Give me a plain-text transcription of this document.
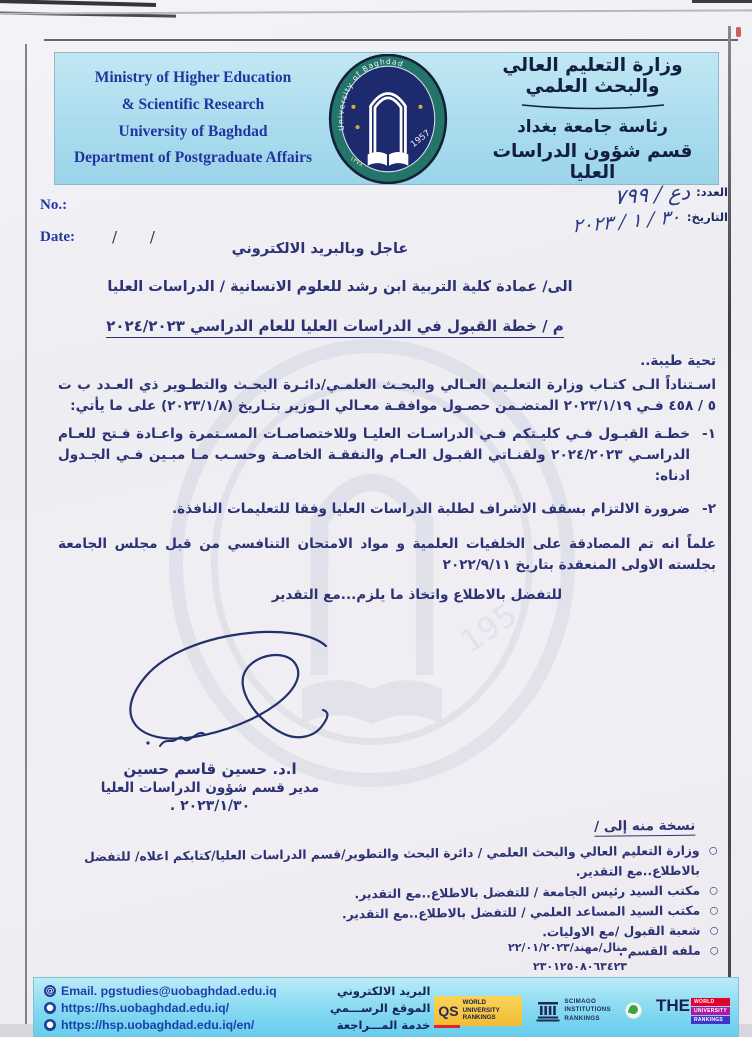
1957
Ministry of Higher Education
& Scientific Research
University of Baghdad
Department of Postgraduate Affairs
University of Baghdad
1957
١٣٧٨
وزارة التعليم العالي والبحث العلمي
رئاسة جامعة بغداد
قسم شؤون الدراسات العليا
No.:
Date: / /
العدد:
دع / ٧٩٩
التاريخ:
٣٠ / ١ / ٢٠٢٣
عاجل وبالبريد الالكتروني
الى/ عمادة كلية التربية ابن رشد للعلوم الانسانية / الدراسات العليا
م / خطة القبول في الدراسات العليا للعام الدراسي ٢٠٢٤/٢٠٢٣
تحية طيبة..
اسـتناداً الـى كتـاب وزارة التعلـيم العـالي والبحـث العلمـي/دائـرة البحـث والتطـوير ذي العـدد ب ت ٥ / ٤٥٨ فـي ٢٠٢٣/١/١٩ المتضـمن حصـول موافقـة معـالي الـوزير بتـاريخ (٢٠٢٣/١/٨) على ما يأتي:
١-
خطـة القبـول فـي كليـتكم فـي الدراسـات العليـا وللاختصاصـات المسـتمرة واعـادة فـتح للعـام الدراسـي ٢٠٢٤/٢٠٢٣ ولقنـاتي القبـول العـام والنفقـة الخاصـة وحسـب مـا مبـين فـي الجـدول ادناه:
٢-
ضرورة الالتزام بسقف الاشراف لطلبة الدراسات العليا وفقا للتعليمات النافذة.
علماً انه تم المصادقة على الخلفيات العلمية و مواد الامتحان التنافسي من قبل مجلس الجامعة بجلسته الاولى المنعقدة بتاريخ ٢٠٢٢/٩/١١
للتفضل بالاطلاع واتخاذ ما يلزم...مع التقدير
ا.د. حسين قاسم حسين
مدير قسم شؤون الدراسات العليا
٢٠٢٣/١/٣٠ .
نسخة منه إلى /
○
وزارة التعليم العالي والبحث العلمي / دائرة البحث والتطوير/قسم الدراسات العليا/كتابكم اعلاه/ للتفضل بالاطلاع..مع التقدير.
○
مكتب السيد رئيس الجامعة / للتفضل بالاطلاع..مع التقدير.
○
مكتب السيد المساعد العلمي / للتفضل بالاطلاع..مع التقدير.
○
شعبة القبول /مع الاوليات.
○
ملفه القسم .
منال/مهند/٢٢/٠١/٢٠٢٣
٢٣٠١٢٥٠٨٠٦٣٤٢٣
@ Email. pgstudies@uobaghdad.edu.iq	البريد الالكتروني
● https://hs.uobaghdad.edu.iq/	الموقع الرســـمي
● https://hsp.uobaghdad.edu.iq/en/	خدمة المـــراجعة
QS
WORLD
UNIVERSITY
RANKINGS
SCIMAGO
INSTITUTIONS
RANKINGS
THE WORLD
UNIVERSITY
RANKINGS
